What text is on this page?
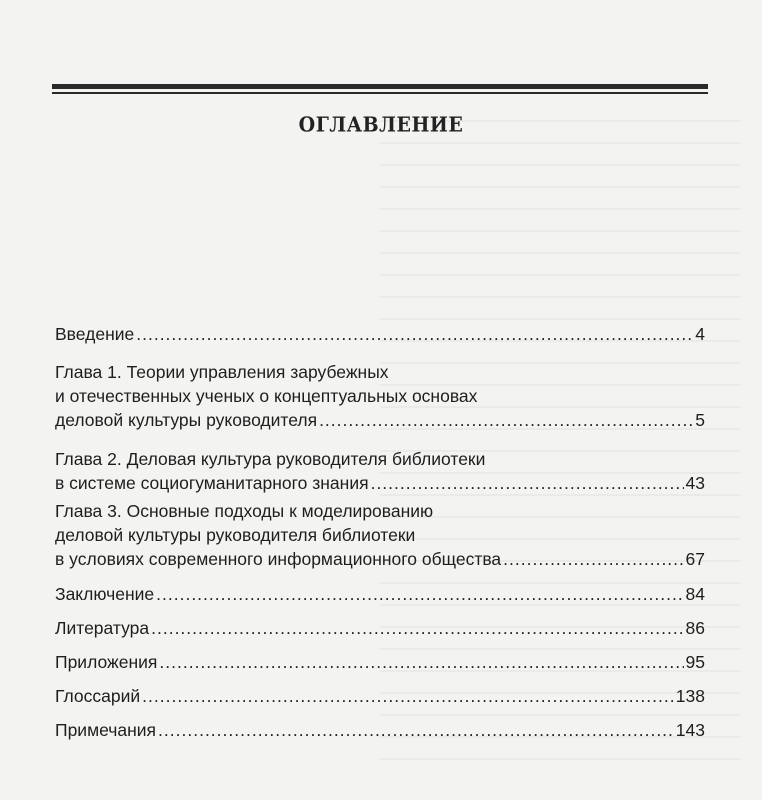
ОГЛАВЛЕНИЕ
Введение .....	4
Глава 1. Теории управления зарубежных
и отечественных ученых о концептуальных основах
деловой культуры руководителя .....	5
Глава 2. Деловая культура руководителя библиотеки
в системе социогуманитарного знания .....	43
Глава 3. Основные подходы к моделированию
деловой культуры руководителя библиотеки
в условиях современного информационного общества .....	67
Заключение .....	84
Литература .....	86
Приложения .....	95
Глоссарий .....	138
Примечания .....	143
